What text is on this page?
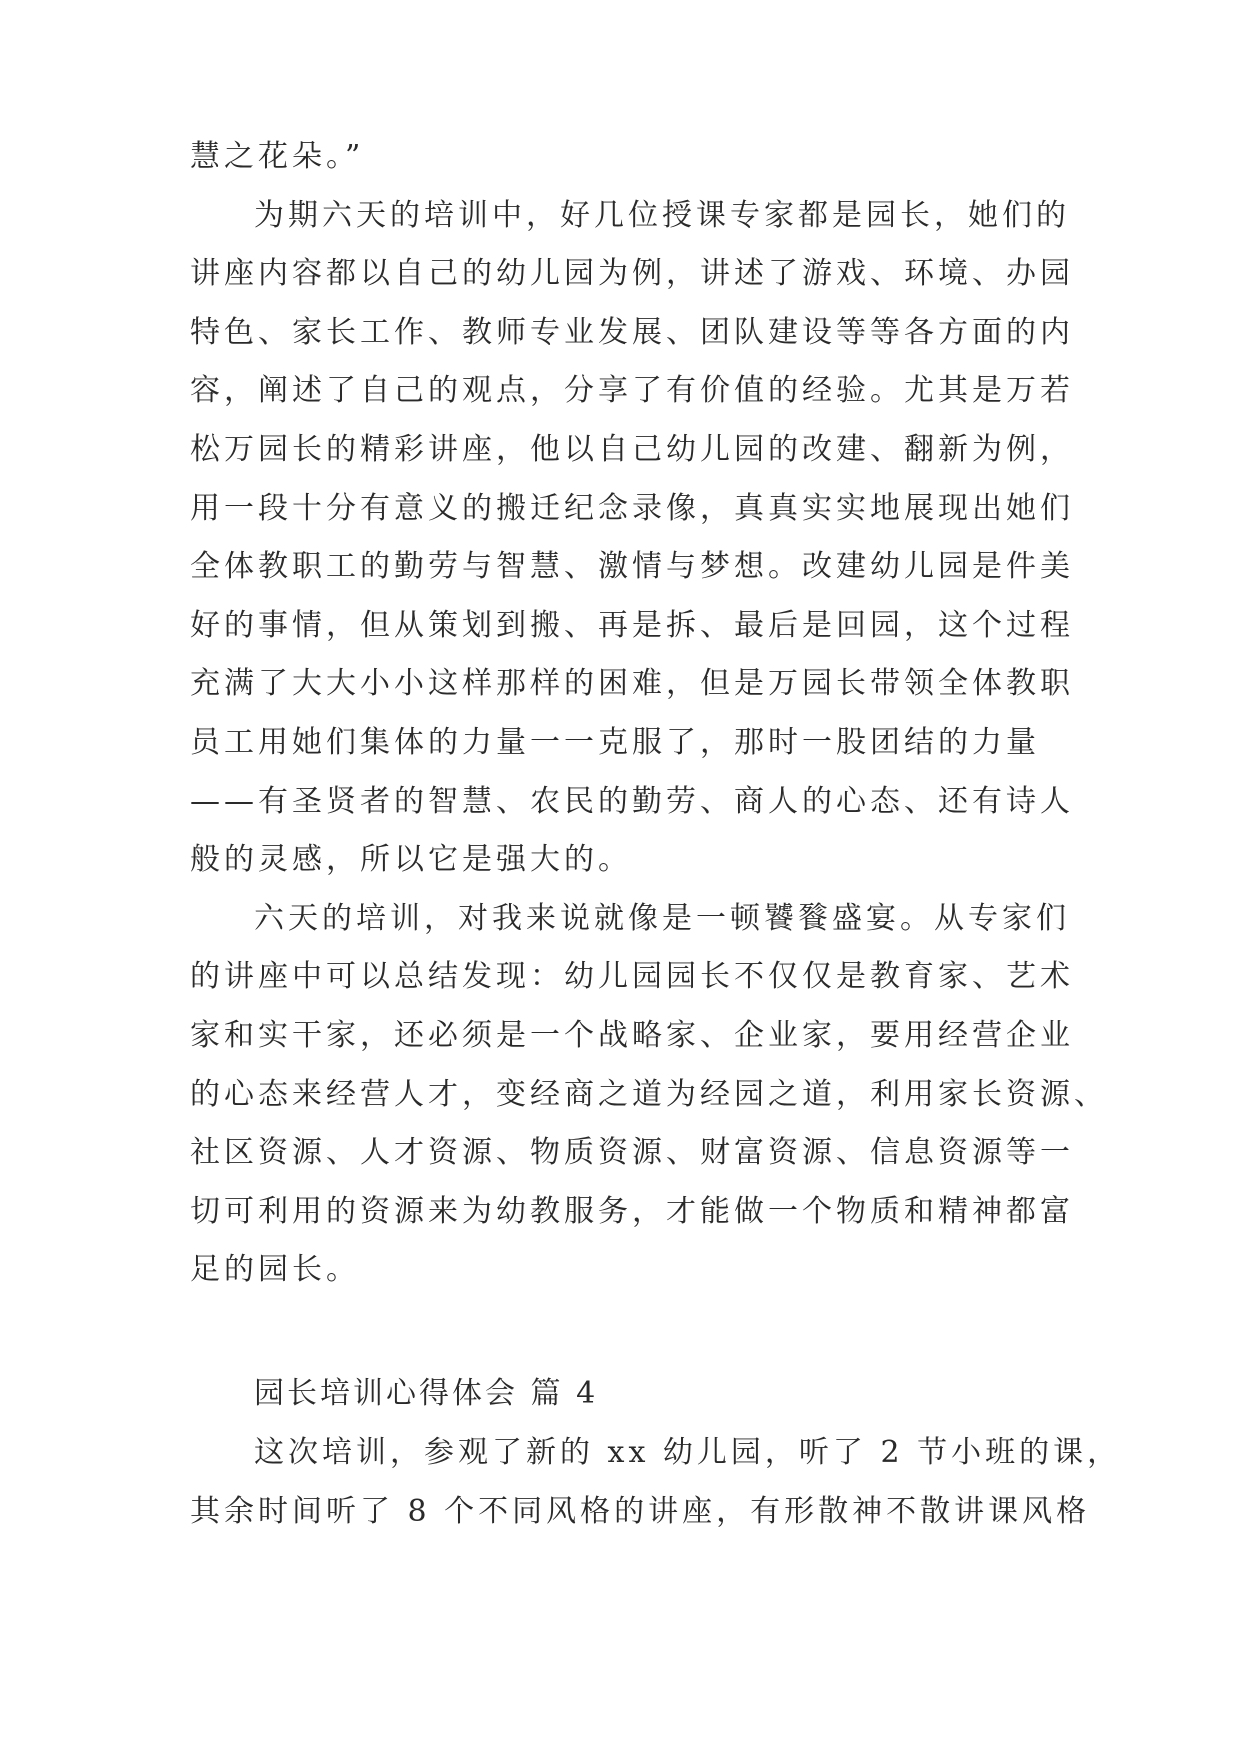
慧之花朵。”
为期六天的培训中，好几位授课专家都是园长，她们的
讲座内容都以自己的幼儿园为例，讲述了游戏、环境、办园
特色、家长工作、教师专业发展、团队建设等等各方面的内
容，阐述了自己的观点，分享了有价值的经验。尤其是万若
松万园长的精彩讲座，他以自己幼儿园的改建、翻新为例，
用一段十分有意义的搬迁纪念录像，真真实实地展现出她们
全体教职工的勤劳与智慧、激情与梦想。改建幼儿园是件美
好的事情，但从策划到搬、再是拆、最后是回园，这个过程
充满了大大小小这样那样的困难，但是万园长带领全体教职
员工用她们集体的力量一一克服了，那时一股团结的力量
——有圣贤者的智慧、农民的勤劳、商人的心态、还有诗人
般的灵感，所以它是强大的。
六天的培训，对我来说就像是一顿饕餮盛宴。从专家们
的讲座中可以总结发现：幼儿园园长不仅仅是教育家、艺术
家和实干家，还必须是一个战略家、企业家，要用经营企业
的心态来经营人才，变经商之道为经园之道，利用家长资源、
社区资源、人才资源、物质资源、财富资源、信息资源等一
切可利用的资源来为幼教服务，才能做一个物质和精神都富
足的园长。
园长培训心得体会 篇 4
这次培训，参观了新的 xx 幼儿园，听了 2 节小班的课，
其余时间听了 8 个不同风格的讲座，有形散神不散讲课风格
